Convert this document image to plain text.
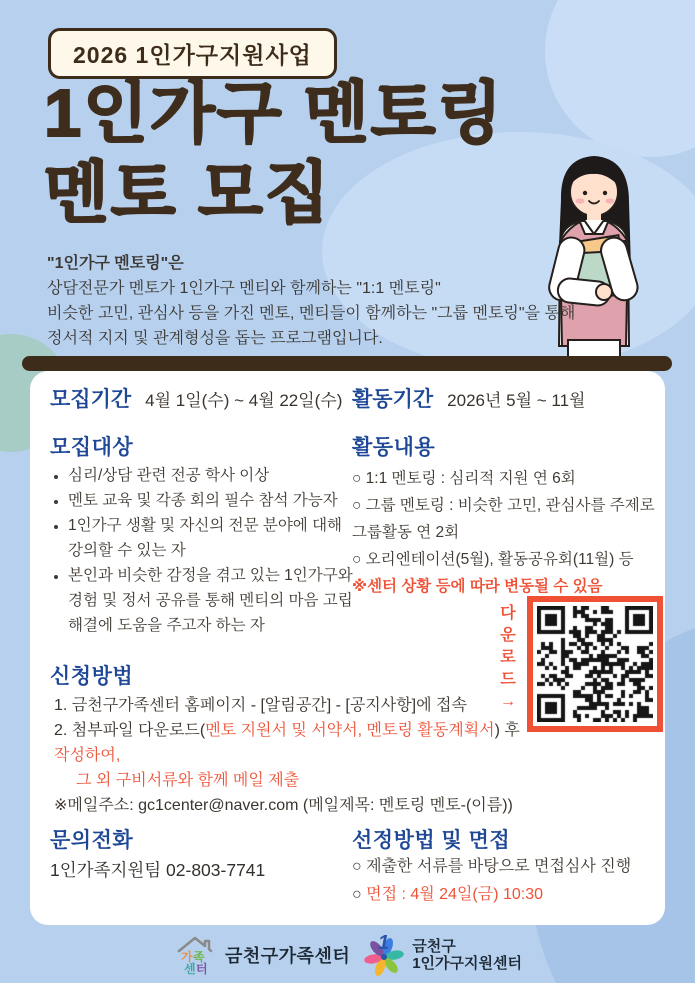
2026 1인가구지원사업
1인가구 멘토링
멘토 모집
"1인가구 멘토링"은
상담전문가 멘토가 1인가구 멘티와 함께하는 "1:1 멘토링"
비슷한 고민, 관심사 등을 가진 멘토, 멘티들이 함께하는 "그룹 멘토링"을 통해
정서적 지지 및 관계형성을 돕는 프로그램입니다.
모집기간 4월 1일(수) ~ 4월 22일(수) 활동기간 2026년 5월 ~ 11월
모집대상
• 심리/상담 관련 전공 학사 이상
• 멘토 교육 및 각종 회의 필수 참석 가능자
• 1인가구 생활 및 자신의 전문 분야에 대해 강의할 수 있는 자
• 본인과 비슷한 감정을 겪고 있는 1인가구와 경험 및 정서 공유를 통해 멘티의 마음 고립 해결에 도움을 주고자 하는 자
활동내용
○ 1:1 멘토링 : 심리적 지원 연 6회
○ 그룹 멘토링 : 비슷한 고민, 관심사를 주제로 그룹활동 연 2회
○ 오리엔테이션(5월), 활동공유회(11월) 등
※센터 상황 등에 따라 변동될 수 있음
다
운
로
드
→
신청방법
1. 금천구가족센터 홈페이지 - [알림공간] - [공지사항]에 접속
2. 첨부파일 다운로드(멘토 지원서 및 서약서, 멘토링 활동계획서) 후 작성하여,
그 외 구비서류와 함께 메일 제출
※메일주소: gc1center@naver.com (메일제목: 멘토링 멘토-(이름))
문의전화
1인가족지원팀 02-803-7741
선정방법 및 면접
○ 제출한 서류를 바탕으로 면접심사 진행
○ 면접 : 4월 24일(금) 10:30
가 족
센 터
금천구가족센터
1 금천구
1인가구지원센터
